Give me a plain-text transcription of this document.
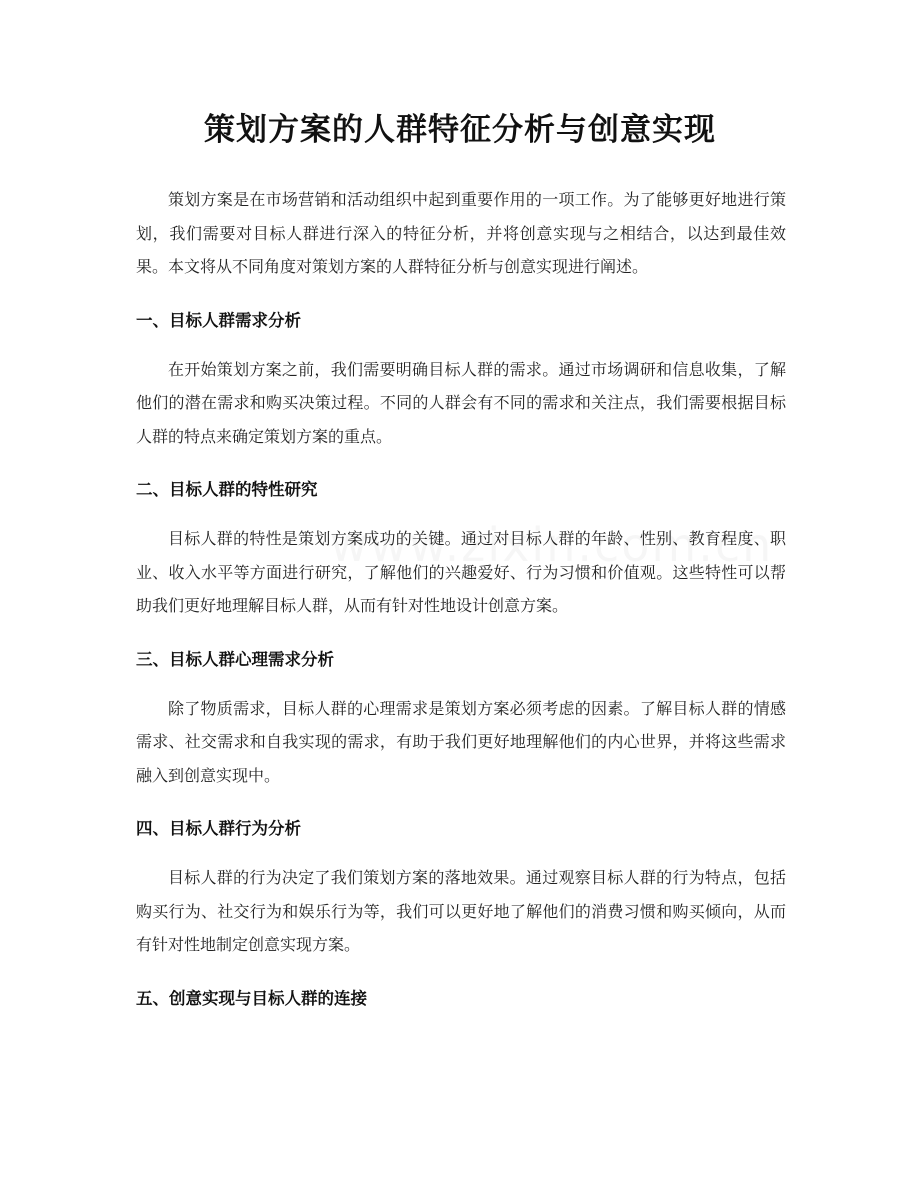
策划方案的人群特征分析与创意实现

策划方案是在市场营销和活动组织中起到重要作用的一项工作。为了能够更好地进行策划，我们需要对目标人群进行深入的特征分析，并将创意实现与之相结合，以达到最佳效果。本文将从不同角度对策划方案的人群特征分析与创意实现进行阐述。

一、目标人群需求分析

在开始策划方案之前，我们需要明确目标人群的需求。通过市场调研和信息收集，了解他们的潜在需求和购买决策过程。不同的人群会有不同的需求和关注点，我们需要根据目标人群的特点来确定策划方案的重点。

二、目标人群的特性研究

目标人群的特性是策划方案成功的关键。通过对目标人群的年龄、性别、教育程度、职业、收入水平等方面进行研究，了解他们的兴趣爱好、行为习惯和价值观。这些特性可以帮助我们更好地理解目标人群，从而有针对性地设计创意方案。

三、目标人群心理需求分析

除了物质需求，目标人群的心理需求是策划方案必须考虑的因素。了解目标人群的情感需求、社交需求和自我实现的需求，有助于我们更好地理解他们的内心世界，并将这些需求融入到创意实现中。

四、目标人群行为分析

目标人群的行为决定了我们策划方案的落地效果。通过观察目标人群的行为特点，包括购买行为、社交行为和娱乐行为等，我们可以更好地了解他们的消费习惯和购买倾向，从而有针对性地制定创意实现方案。

五、创意实现与目标人群的连接
